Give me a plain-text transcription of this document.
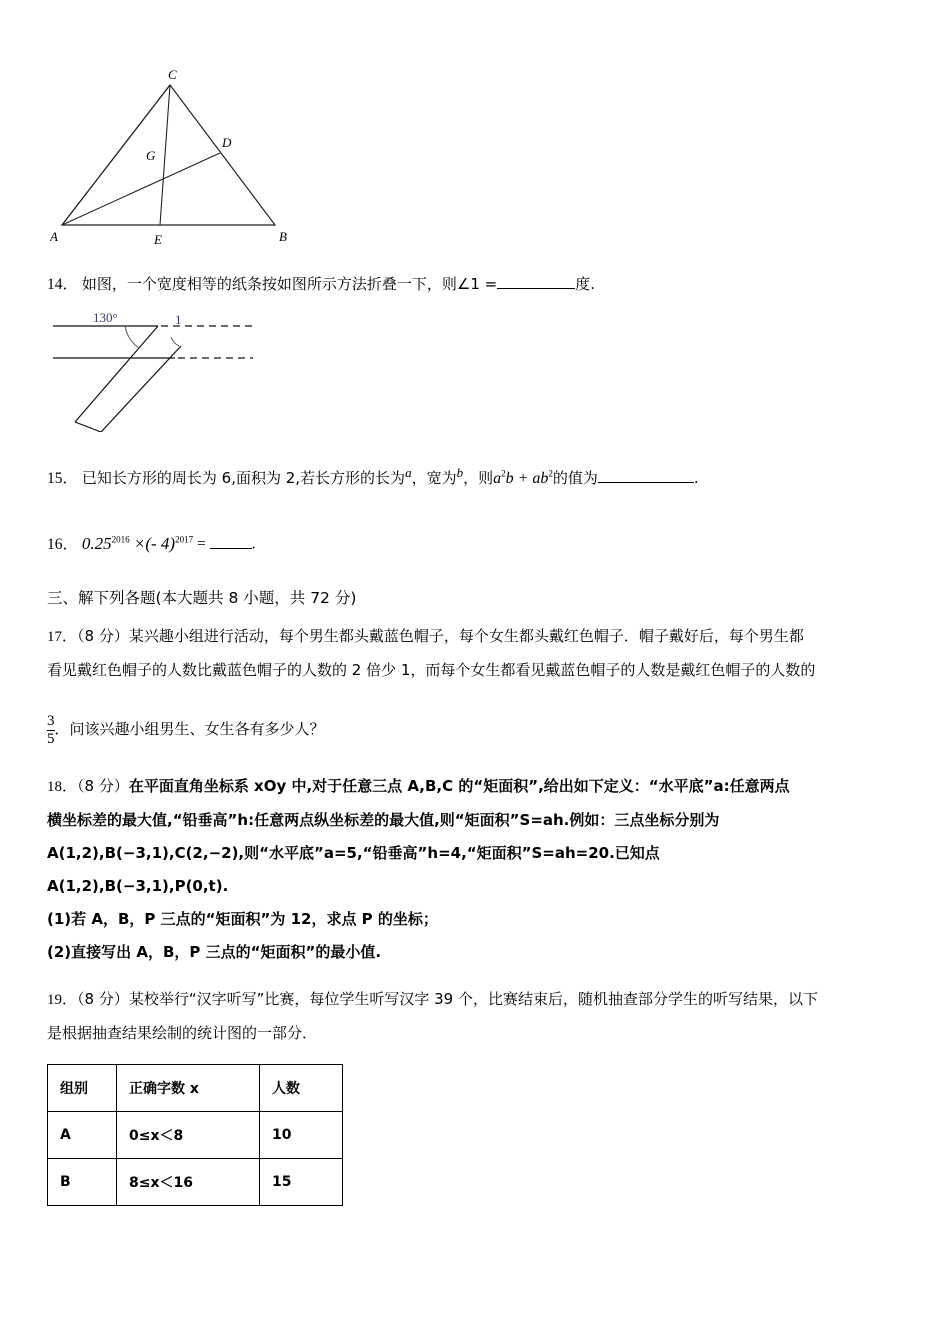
C
D
G
A	E	B
14． 如图，一个宽度相等的纸条按如图所示方法折叠一下，则∠1 =	度.
130°	1
15． 已知长方形的周长为 6,面积为 2,若长方形的长为$^a$，宽为$^b$，则$a^2b + ab^2$的值为	.
16． $0.25^{2016}$ ×(- 4)$^{2017}$ =	.
三、解下列各题(本大题共 8 小题，共 72 分)
17．（8 分）某兴趣小组进行活动，每个男生都头戴蓝色帽子，每个女生都头戴红色帽子．帽子戴好后，每个男生都
看见戴红色帽子的人数比戴蓝色帽子的人数的 2 倍少 1，而每个女生都看见戴蓝色帽子的人数是戴红色帽子的人数的
$\frac{3}{5}$ ．问该兴趣小组男生、女生各有多少人？
18．（8 分）在平面直角坐标系 xOy 中,对于任意三点 A,B,C 的“矩面积”,给出如下定义：“水平底”a:任意两点
横坐标差的最大值,“铅垂高”h:任意两点纵坐标差的最大值,则“矩面积”S=ah.例如：三点坐标分别为
A(1,2),B(−3,1),C(2,−2),则“水平底”a=5,“铅垂高”h=4,“矩面积”S=ah=20.已知点
A(1,2),B(−3,1),P(0,t).
(1)若 A，B，P 三点的“矩面积”为 12，求点 P 的坐标；
(2)直接写出 A，B，P 三点的“矩面积”的最小值.
19．（8 分）某校举行“汉字听写”比赛，每位学生听写汉字 39 个，比赛结束后，随机抽查部分学生的听写结果，以下
是根据抽查结果绘制的统计图的一部分．
组别	正确字数 x	人数
A	0≤x＜8	10
B	8≤x＜16	15
